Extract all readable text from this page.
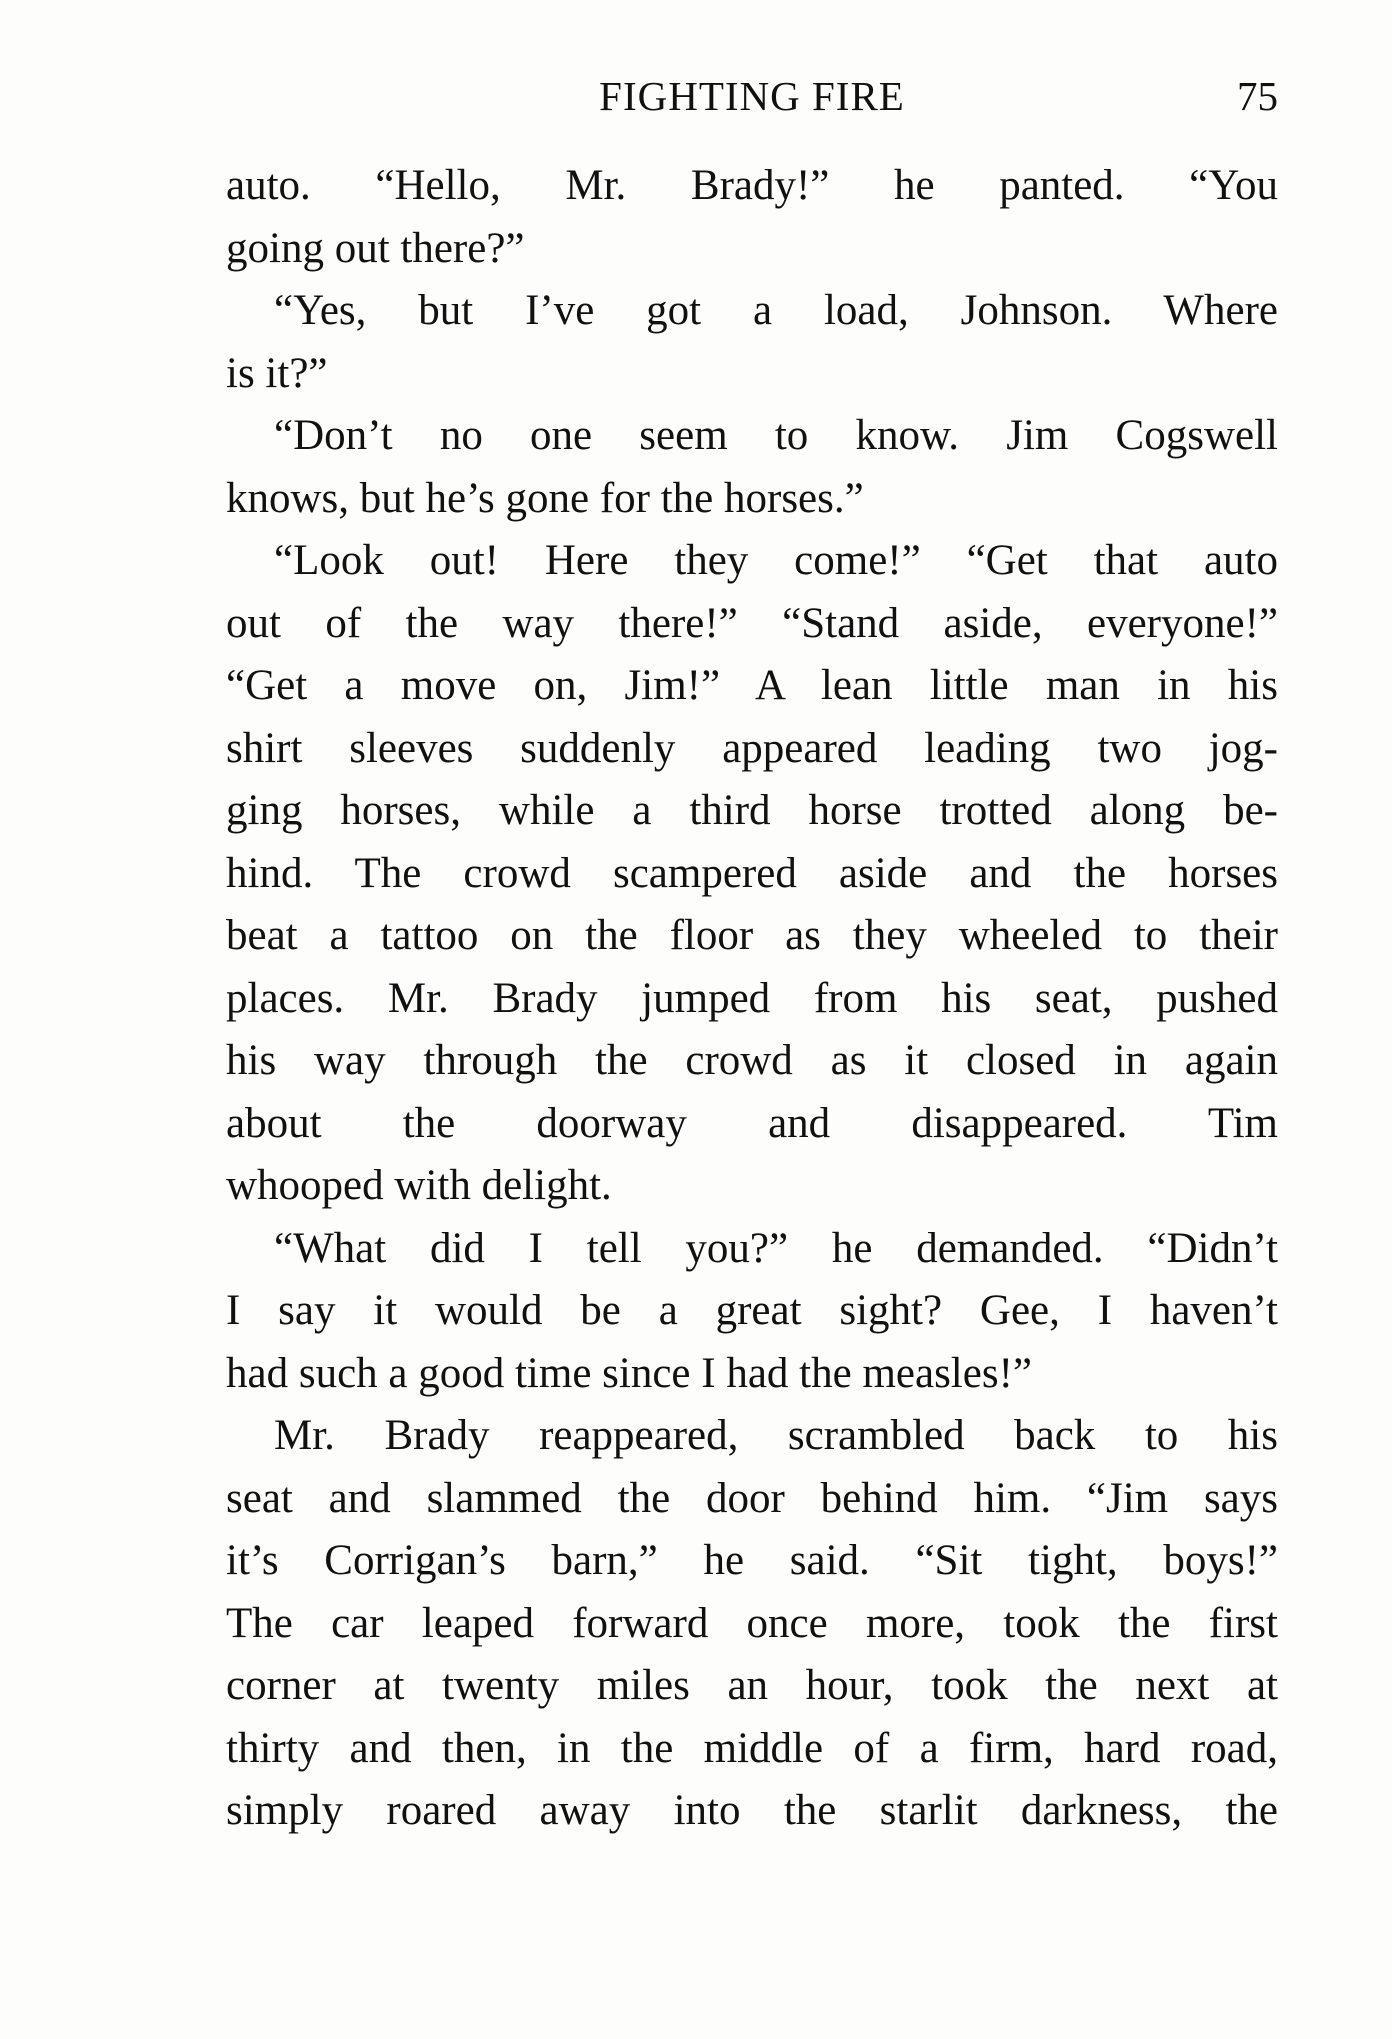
FIGHTING FIRE	75
auto. “Hello, Mr. Brady!” he panted. “You
going out there?”
“Yes, but I’ve got a load, Johnson. Where
is it?”
“Don’t no one seem to know. Jim Cogswell
knows, but he’s gone for the horses.”
“Look out! Here they come!” “Get that auto
out of the way there!” “Stand aside, everyone!”
“Get a move on, Jim!” A lean little man in his
shirt sleeves suddenly appeared leading two jog-
ging horses, while a third horse trotted along be-
hind. The crowd scampered aside and the horses
beat a tattoo on the floor as they wheeled to their
places. Mr. Brady jumped from his seat, pushed
his way through the crowd as it closed in again
about the doorway and disappeared. Tim
whooped with delight.
“What did I tell you?” he demanded. “Didn’t
I say it would be a great sight? Gee, I haven’t
had such a good time since I had the measles!”
Mr. Brady reappeared, scrambled back to his
seat and slammed the door behind him. “Jim says
it’s Corrigan’s barn,” he said. “Sit tight, boys!”
The car leaped forward once more, took the first
corner at twenty miles an hour, took the next at
thirty and then, in the middle of a firm, hard road,
simply roared away into the starlit darkness, the
